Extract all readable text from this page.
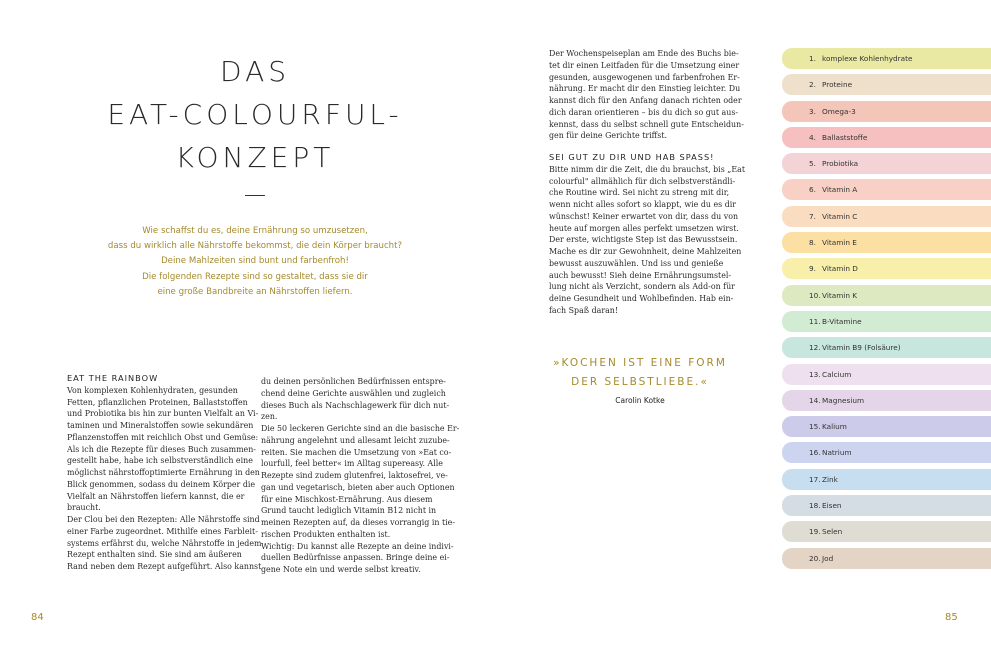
DAS
EAT-COLOURFUL-
KONZEPT
Wie schaffst du es, deine Ernährung so umzusetzen,
dass du wirklich alle Nährstoffe bekommst, die dein Körper braucht?
Deine Mahlzeiten sind bunt und farbenfroh!
Die folgenden Rezepte sind so gestaltet, dass sie dir
eine große Bandbreite an Nährstoffen liefern.
EAT THE RAINBOW
Von komplexen Kohlenhydraten, gesunden
Fetten, pflanzlichen Proteinen, Ballaststoffen
und Probiotika bis hin zur bunten Vielfalt an Vi-
taminen und Mineralstoffen sowie sekundären
Pflanzenstoffen mit reichlich Obst und Gemüse:
Als ich die Rezepte für dieses Buch zusammen-
gestellt habe, habe ich selbstverständlich eine
möglichst nährstoffoptimierte Ernährung in den
Blick genommen, sodass du deinem Körper die
Vielfalt an Nährstoffen liefern kannst, die er
braucht.
Der Clou bei den Rezepten: Alle Nährstoffe sind
einer Farbe zugeordnet. Mithilfe eines Farbleit-
systems erfährst du, welche Nährstoffe in jedem
Rezept enthalten sind. Sie sind am äußeren
Rand neben dem Rezept aufgeführt. Also kannst
du deinen persönlichen Bedürfnissen entspre-
chend deine Gerichte auswählen und zugleich
dieses Buch als Nachschlagewerk für dich nut-
zen.
Die 50 leckeren Gerichte sind an die basische Er-
nährung angelehnt und allesamt leicht zuzube-
reiten. Sie machen die Umsetzung von »Eat co-
lourfull, feel better« im Alltag supereasy. Alle
Rezepte sind zudem glutenfrei, laktosefrei, ve-
gan und vegetarisch, bieten aber auch Optionen
für eine Mischkost-Ernährung. Aus diesem
Grund taucht lediglich Vitamin B12 nicht in
meinen Rezepten auf, da dieses vorrangig in tie-
rischen Produkten enthalten ist.
Wichtig: Du kannst alle Rezepte an deine indivi-
duellen Bedürfnisse anpassen. Bringe deine ei-
gene Note ein und werde selbst kreativ.
Der Wochenspeiseplan am Ende des Buchs bie-
tet dir einen Leitfaden für die Umsetzung einer
gesunden, ausgewogenen und farbenfrohen Er-
nährung. Er macht dir den Einstieg leichter. Du
kannst dich für den Anfang danach richten oder
dich daran orientieren – bis du dich so gut aus-
kennst, dass du selbst schnell gute Entscheidun-
gen für deine Gerichte triffst.
SEI GUT ZU DIR UND HAB SPASS!
Bitte nimm dir die Zeit, die du brauchst, bis „Eat
colourful" allmählich für dich selbstverständli-
che Routine wird. Sei nicht zu streng mit dir,
wenn nicht alles sofort so klappt, wie du es dir
wünschst! Keiner erwartet von dir, dass du von
heute auf morgen alles perfekt umsetzen wirst.
Der erste, wichtigste Step ist das Bewusstsein.
Mache es dir zur Gewohnheit, deine Mahlzeiten
bewusst auszuwählen. Und iss und genieße
auch bewusst! Sieh deine Ernährungsumstel-
lung nicht als Verzicht, sondern als Add-on für
deine Gesundheit und Wohlbefinden. Hab ein-
fach Spaß daran!
»KOCHEN IST EINE FORM
DER SELBSTLIEBE.«
Carolin Kotke
84	85
1. komplexe Kohlenhydrate
2. Proteine
3. Omega-3
4. Ballaststoffe
5. Probiotika
6. Vitamin A
7. Vitamin C
8. Vitamin E
9. Vitamin D
10. Vitamin K
11. B-Vitamine
12. Vitamin B9 (Folsäure)
13. Calcium
14. Magnesium
15. Kalium
16. Natrium
17. Zink
18. Eisen
19. Selen
20. Jod
